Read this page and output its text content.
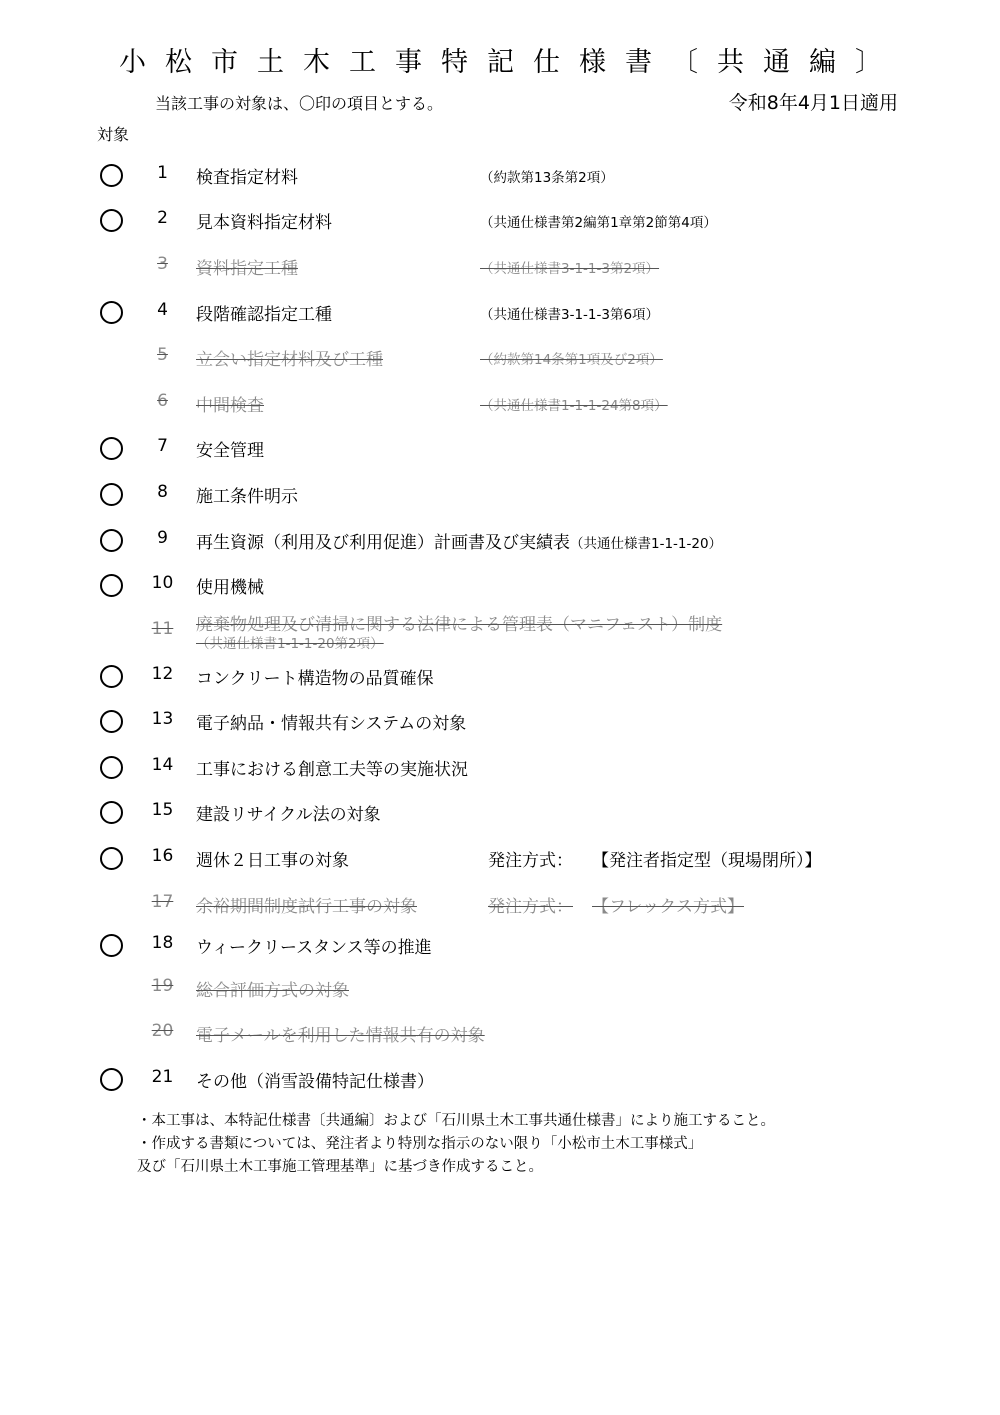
小松市土木工事特記仕様書〔共通編〕
当該工事の対象は、〇印の項目とする。	令和8年4月1日適用
対象
1	検査指定材料	（約款第13条第2項）
2	見本資料指定材料	（共通仕様書第2編第1章第2節第4項）
3	資料指定工種	（共通仕様書3-1-1-3第2項）
4	段階確認指定工種	（共通仕様書3-1-1-3第6項）
5	立会い指定材料及び工種	（約款第14条第1項及び2項）
6	中間検査	（共通仕様書1-1-1-24第8項）
7	安全管理
8	施工条件明示
9	再生資源（利用及び利用促進）計画書及び実績表（共通仕様書1-1-1-20）
10	使用機械
11	廃棄物処理及び清掃に関する法律による管理表（マニフェスト）制度
（共通仕様書1-1-1-20第2項）
12	コンクリート構造物の品質確保
13	電子納品・情報共有システムの対象
14	工事における創意工夫等の実施状況
15	建設リサイクル法の対象
16	週休２日工事の対象	発注方式： 【発注者指定型（現場閉所）】
17	余裕期間制度試行工事の対象	発注方式： 【フレックス方式】
18	ウィークリースタンス等の推進
19	総合評価方式の対象
20	電子メールを利用した情報共有の対象
21	その他（消雪設備特記仕様書）
・本工事は、本特記仕様書〔共通編〕および「石川県土木工事共通仕様書」により施工すること。
・作成する書類については、発注者より特別な指示のない限り「小松市土木工事様式」
及び「石川県土木工事施工管理基準」に基づき作成すること。
